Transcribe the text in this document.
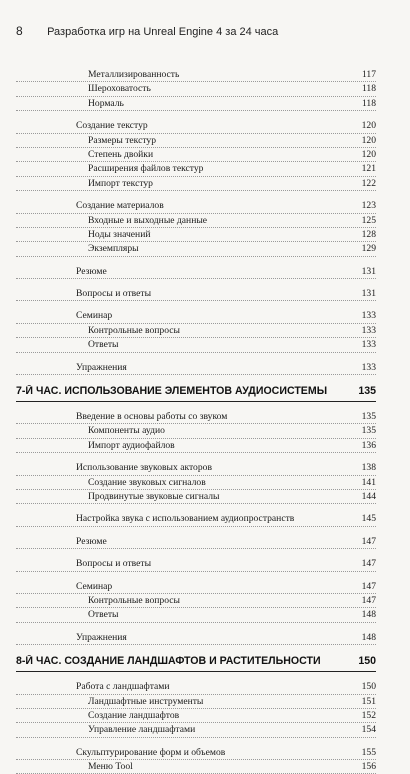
8 Разработка игр на Unreal Engine 4 за 24 часа
Металлизированность	117
Шероховатость	118
Нормаль	118
Создание текстур	120
Размеры текстур	120
Степень двойки	120
Расширения файлов текстур	121
Импорт текстур	122
Создание материалов	123
Входные и выходные данные	125
Ноды значений	128
Экземпляры	129
Резюме	131
Вопросы и ответы	131
Семинар	133
Контрольные вопросы	133
Ответы	133
Упражнения	133
7-Й ЧАС. ИСПОЛЬЗОВАНИЕ ЭЛЕМЕНТОВ АУДИОСИСТЕМЫ	135
Введение в основы работы со звуком	135
Компоненты аудио	135
Импорт аудиофайлов	136
Использование звуковых акторов	138
Создание звуковых сигналов	141
Продвинутые звуковые сигналы	144
Настройка звука с использованием аудиопространств	145
Резюме	147
Вопросы и ответы	147
Семинар	147
Контрольные вопросы	147
Ответы	148
Упражнения	148
8-Й ЧАС. СОЗДАНИЕ ЛАНДШАФТОВ И РАСТИТЕЛЬНОСТИ	150
Работа с ландшафтами	150
Ландшафтные инструменты	151
Создание ландшафтов	152
Управление ландшафтами	154
Скульптурирование форм и объемов	155
Меню Tool	156
